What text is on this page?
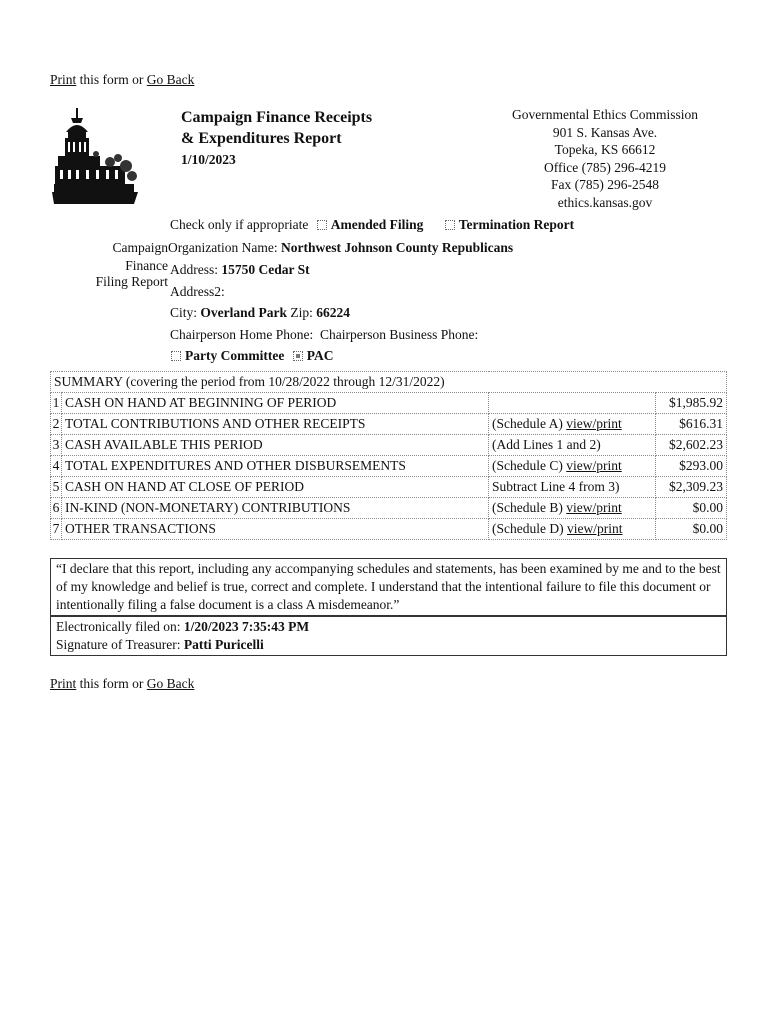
Print this form or Go Back
Campaign Finance Receipts
& Expenditures Report
1/10/2023
Governmental Ethics Commission
901 S. Kansas Ave.
Topeka, KS 66612
Office (785) 296-4219
Fax (785) 296-2548
ethics.kansas.gov
Check only if appropriate Amended Filing	Termination Report
Campaign
Finance
Filing Report
Organization Name: Northwest Johnson County Republicans
Address: 15750 Cedar St
Address2:
City: Overland Park Zip: 66224
Chairperson Home Phone: Chairperson Business Phone:
Party Committee PAC
SUMMARY (covering the period from 10/28/2022 through 12/31/2022)			
1	CASH ON HAND AT BEGINNING OF PERIOD		$1,985.92
2	TOTAL CONTRIBUTIONS AND OTHER RECEIPTS	(Schedule A) view/print	$616.31
3	CASH AVAILABLE THIS PERIOD	(Add Lines 1 and 2)	$2,602.23
4	TOTAL EXPENDITURES AND OTHER DISBURSEMENTS	(Schedule C) view/print	$293.00
5	CASH ON HAND AT CLOSE OF PERIOD	Subtract Line 4 from 3)	$2,309.23
6	IN-KIND (NON-MONETARY) CONTRIBUTIONS	(Schedule B) view/print	$0.00
7	OTHER TRANSACTIONS	(Schedule D) view/print	$0.00
“I declare that this report, including any accompanying schedules and statements, has been examined by me and to the best of my knowledge and belief is true, correct and complete. I understand that the intentional failure to file this document or intentionally filing a false document is a class A misdemeanor.”
Electronically filed on: 1/20/2023 7:35:43 PM
Signature of Treasurer: Patti Puricelli
Print this form or Go Back
